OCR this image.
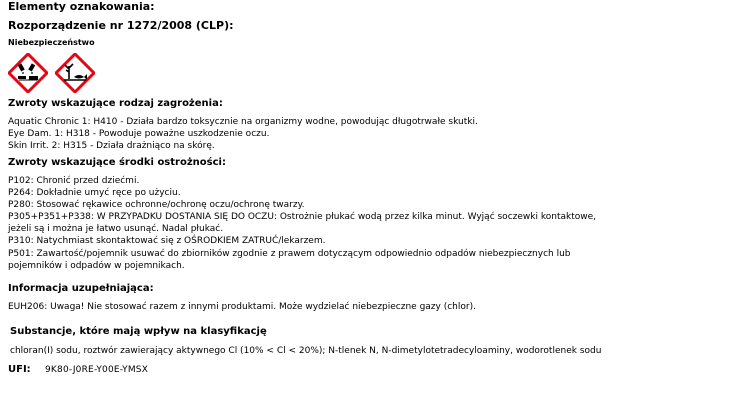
Elementy oznakowania:
Rozporządzenie nr 1272/2008 (CLP):
Niebezpieczeństwo
Zwroty wskazujące rodzaj zagrożenia:
Aquatic Chronic 1: H410 - Działa bardzo toksycznie na organizmy wodne, powodując długotrwałe skutki.
Eye Dam. 1: H318 - Powoduje poważne uszkodzenie oczu.
Skin Irrit. 2: H315 - Działa drażniąco na skórę.
Zwroty wskazujące środki ostrożności:
P102: Chronić przed dziećmi.
P264: Dokładnie umyć ręce po użyciu.
P280: Stosować rękawice ochronne/ochronę oczu/ochronę twarzy.
P305+P351+P338: W PRZYPADKU DOSTANIA SIĘ DO OCZU: Ostrożnie płukać wodą przez kilka minut. Wyjąć soczewki kontaktowe,
jeżeli są i można je łatwo usunąć. Nadal płukać.
P310: Natychmiast skontaktować się z OŚRODKIEM ZATRUĆ/lekarzem.
P501: Zawartość/pojemnik usuwać do zbiorników zgodnie z prawem dotyczącym odpowiednio odpadów niebezpiecznych lub
pojemników i odpadów w pojemnikach.
Informacja uzupełniająca:
EUH206: Uwaga! Nie stosować razem z innymi produktami. Może wydzielać niebezpieczne gazy (chlor).
Substancje, które mają wpływ na klasyfikację
chloran(I) sodu, roztwór zawierający aktywnego Cl (10% < Cl < 20%); N-tlenek N, N-dimetylotetradecyloaminy, wodorotlenek sodu
UFI: 9K80-J0RE-Y00E-YMSX
